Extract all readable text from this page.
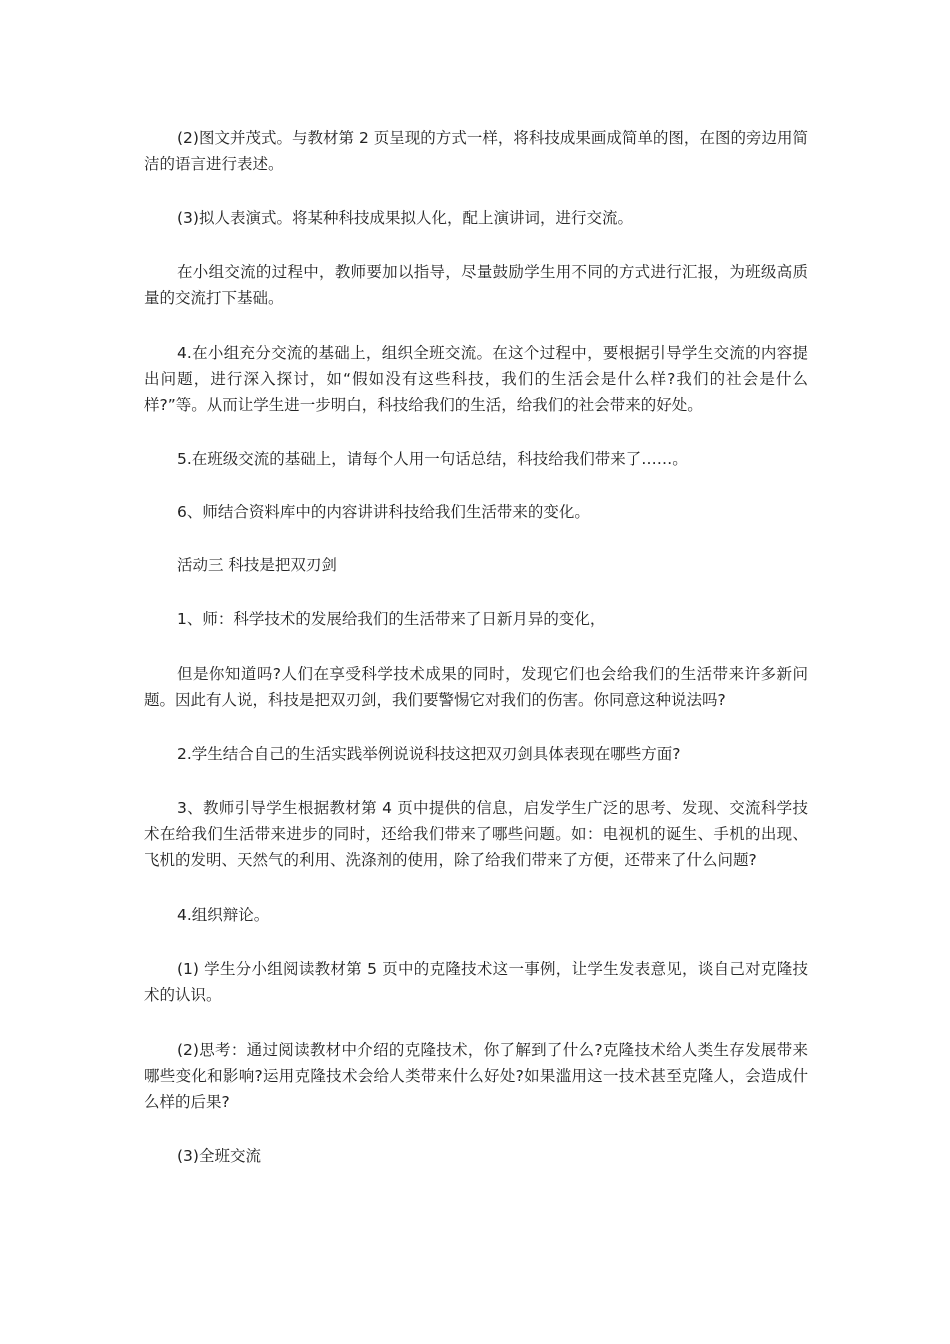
(2)图文并茂式。与教材第 2 页呈现的方式一样，将科技成果画成简单的图，在图的旁边用简洁的语言进行表述。

(3)拟人表演式。将某种科技成果拟人化，配上演讲词，进行交流。

在小组交流的过程中，教师要加以指导，尽量鼓励学生用不同的方式进行汇报，为班级高质量的交流打下基础。

4.在小组充分交流的基础上，组织全班交流。在这个过程中，要根据引导学生交流的内容提出问题，进行深入探讨，如“假如没有这些科技，我们的生活会是什么样?我们的社会是什么样?”等。从而让学生进一步明白，科技给我们的生活，给我们的社会带来的好处。

5.在班级交流的基础上，请每个人用一句话总结，科技给我们带来了……。

6、师结合资料库中的内容讲讲科技给我们生活带来的变化。

活动三 科技是把双刃剑

1、师：科学技术的发展给我们的生活带来了日新月异的变化，

但是你知道吗?人们在享受科学技术成果的同时，发现它们也会给我们的生活带来许多新问题。因此有人说，科技是把双刃剑，我们要警惕它对我们的伤害。你同意这种说法吗?

2.学生结合自己的生活实践举例说说科技这把双刃剑具体表现在哪些方面?

3、教师引导学生根据教材第 4 页中提供的信息，启发学生广泛的思考、发现、交流科学技术在给我们生活带来进步的同时，还给我们带来了哪些问题。如：电视机的诞生、手机的出现、飞机的发明、天然气的利用、洗涤剂的使用，除了给我们带来了方便，还带来了什么问题?

4.组织辩论。

(1) 学生分小组阅读教材第 5 页中的克隆技术这一事例，让学生发表意见，谈自己对克隆技术的认识。

(2)思考：通过阅读教材中介绍的克隆技术，你了解到了什么?克隆技术给人类生存发展带来哪些变化和影响?运用克隆技术会给人类带来什么好处?如果滥用这一技术甚至克隆人，会造成什么样的后果?

(3)全班交流
